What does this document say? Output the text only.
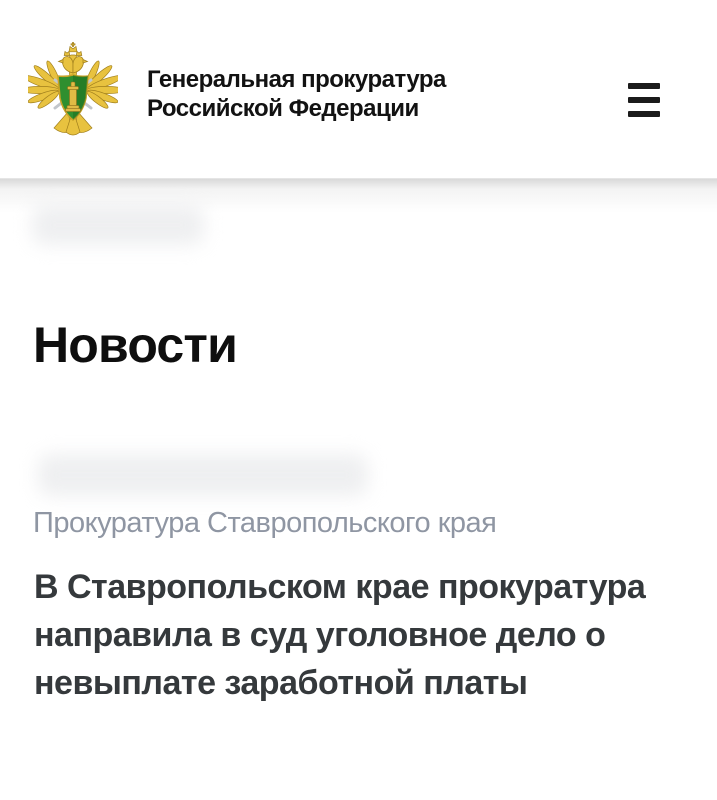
Генеральная прокуратура
Российской Федерации
Новости
Прокуратура Ставропольского края
В Ставропольском крае прокуратура
направила в суд уголовное дело о
невыплате заработной платы
